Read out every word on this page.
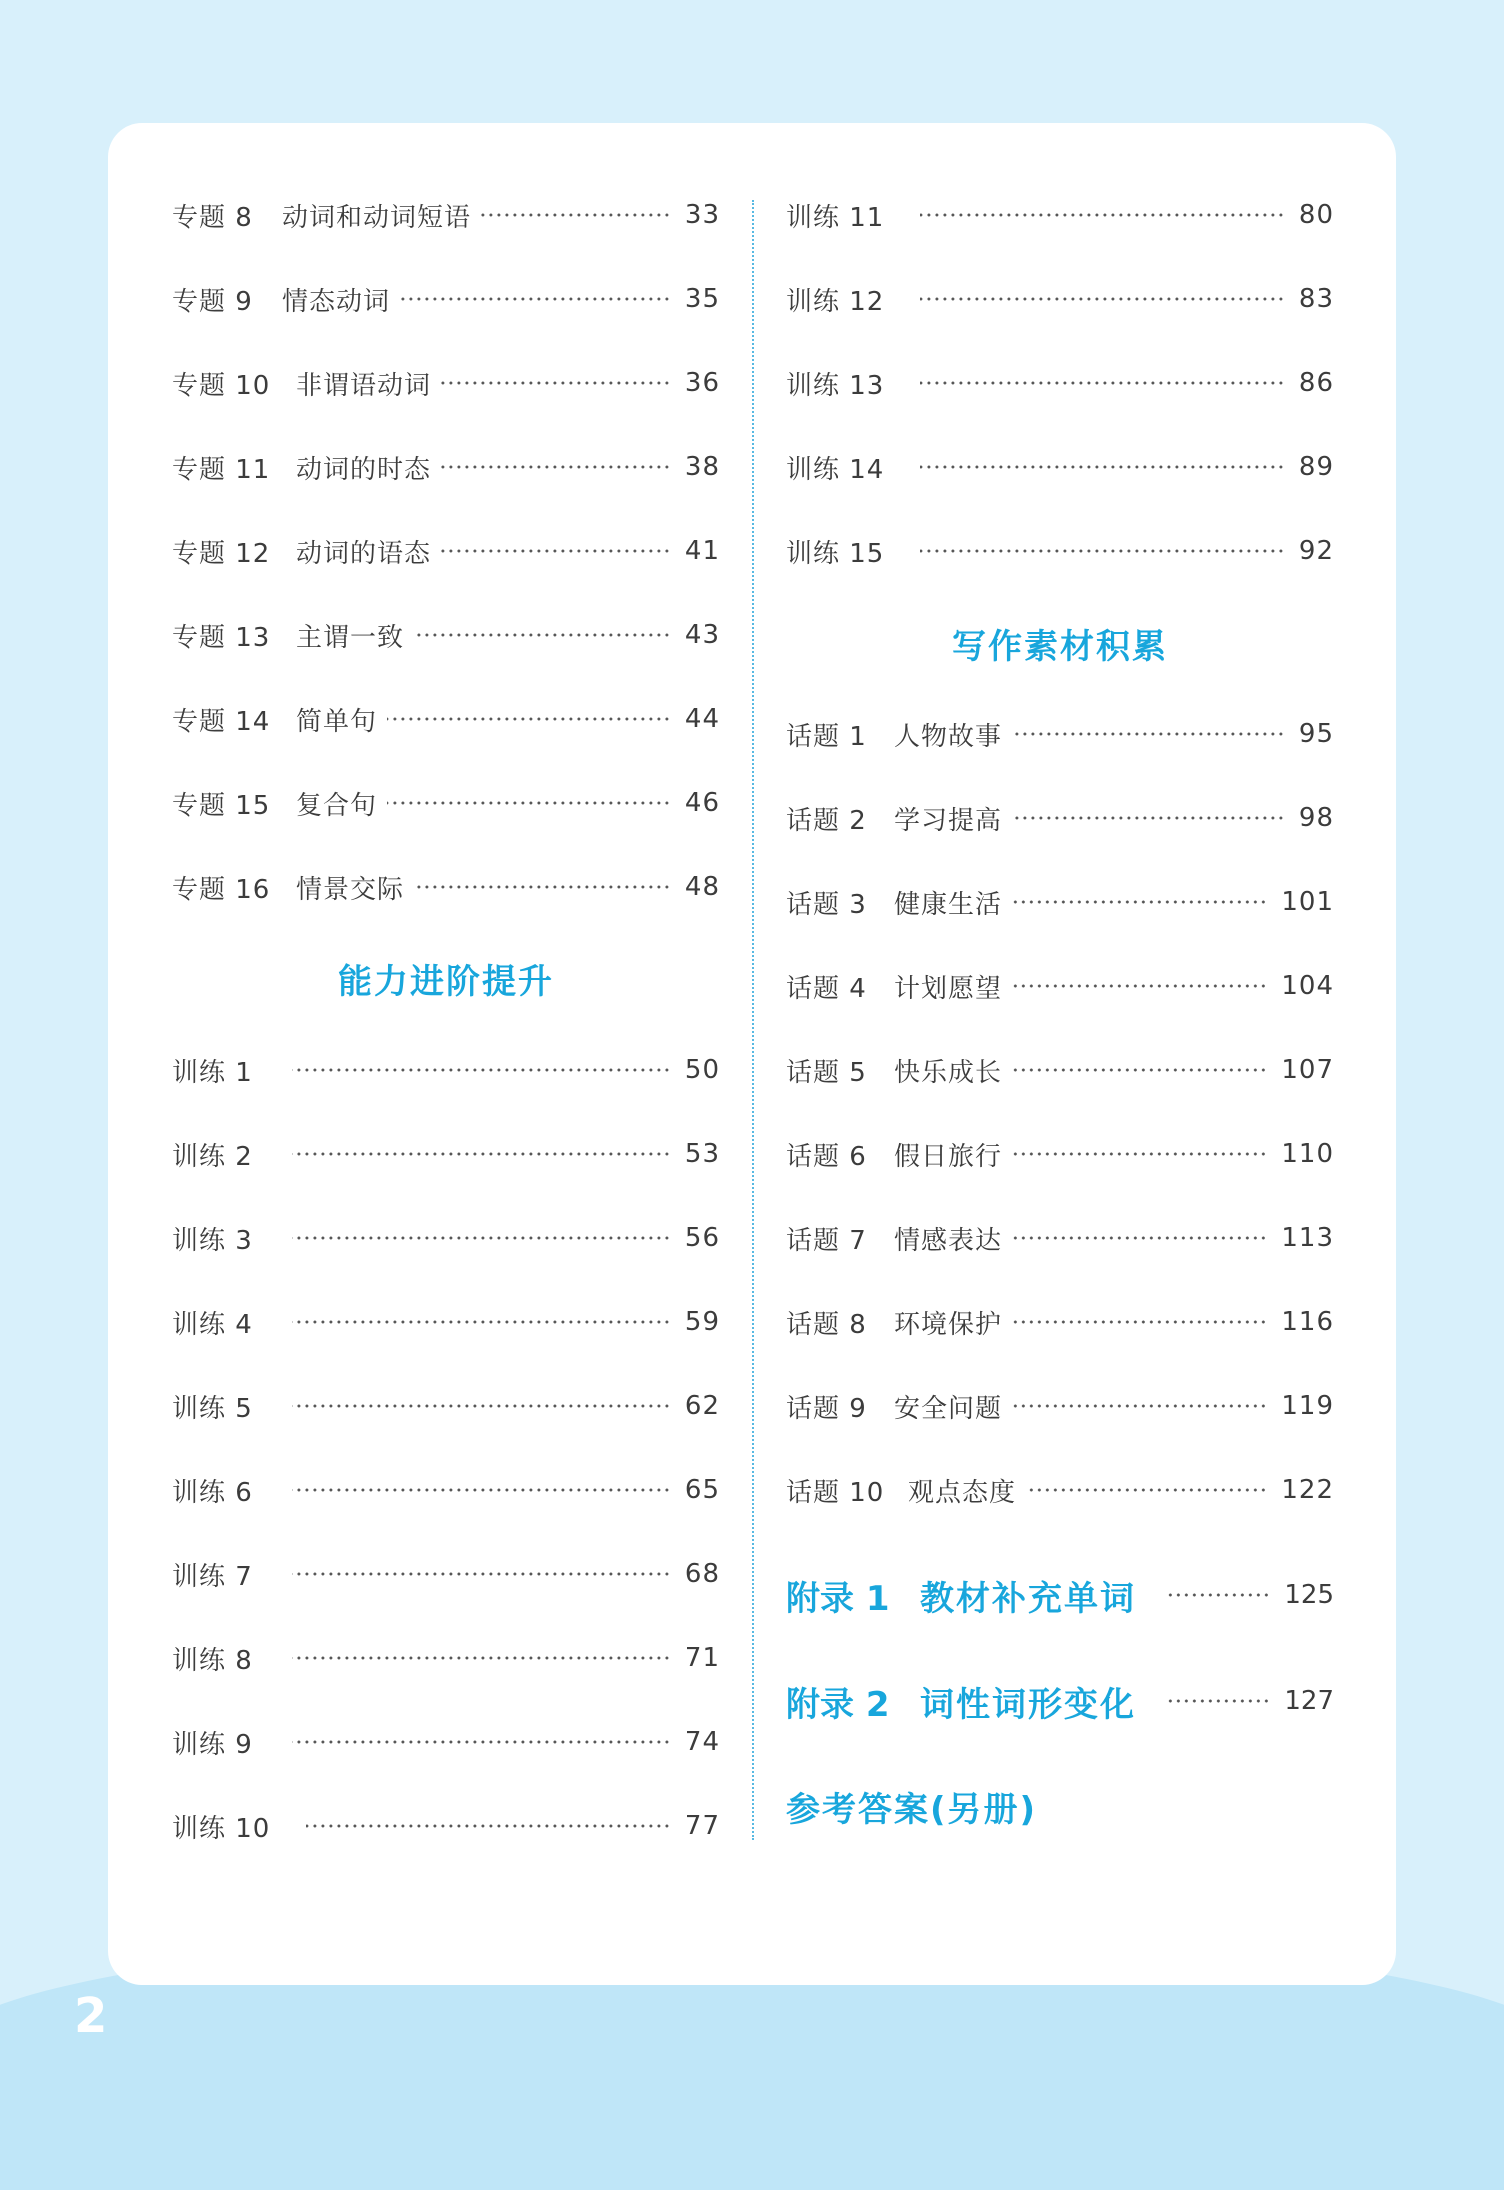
专题 8	动词和动词短语	33
专题 9	情态动词	35
专题 10 非谓语动词	36
专题 11 动词的时态	38
专题 12 动词的语态	41
专题 13 主谓一致	43
专题 14 简单句	44
专题 15 复合句	46
专题 16 情景交际	48
能力进阶提升
训练 1	50
训练 2	53
训练 3	56
训练 4	59
训练 5	62
训练 6	65
训练 7	68
训练 8	71
训练 9	74
训练 10	77
训练 11	80
训练 12	83
训练 13	86
训练 14	89
训练 15	92
写作素材积累
话题 1	人物故事	95
话题 2	学习提高	98
话题 3	健康生活	101
话题 4	计划愿望	104
话题 5	快乐成长	107
话题 6	假日旅行	110
话题 7	情感表达	113
话题 8	环境保护	116
话题 9	安全问题	119
话题 10 观点态度	122
附录 1 教材补充单词	125
附录 2 词性词形变化	127
参考答案(另册)
2
